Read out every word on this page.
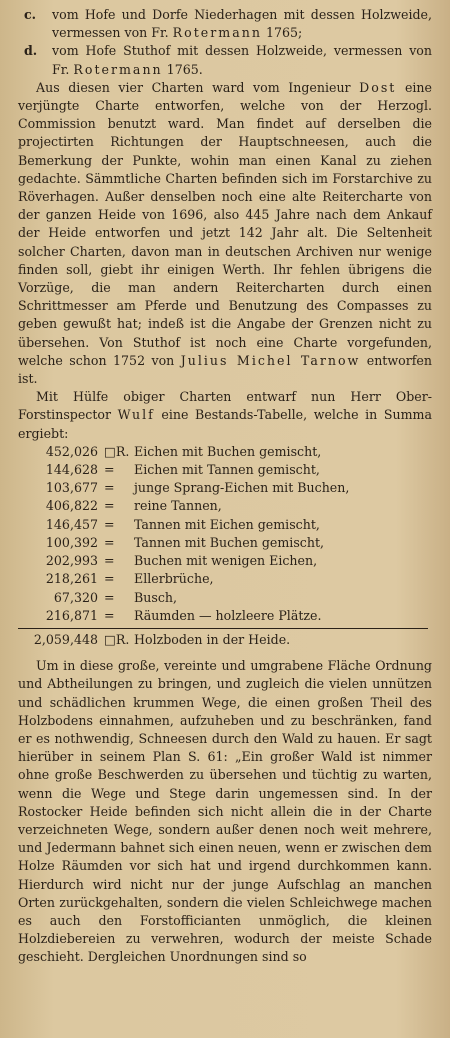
c.	vom Hofe und Dorfe Niederhagen mit dessen Holzweide, vermessen von Fr. Rotermann 1765;
d.	vom Hofe Stuthof mit dessen Holzweide, vermessen von Fr. Rotermann 1765.

Aus diesen vier Charten ward vom Ingenieur Dost eine verjüngte Charte entworfen, welche von der Herzogl. Commission benutzt ward. Man findet auf derselben die projectirten Richtungen der Hauptschneesen, auch die Bemerkung der Punkte, wohin man einen Kanal zu ziehen gedachte. Sämmtliche Charten befinden sich im Forstarchive zu Röverhagen. Außer denselben noch eine alte Reitercharte von der ganzen Heide von 1696, also 445 Jahre nach dem Ankauf der Heide entworfen und jetzt 142 Jahr alt. Die Seltenheit solcher Charten, davon man in deutschen Archiven nur wenige finden soll, giebt ihr einigen Werth. Ihr fehlen übrigens die Vorzüge, die man andern Reitercharten durch einen Schrittmesser am Pferde und Benutzung des Compasses zu geben gewußt hat; indeß ist die Angabe der Grenzen nicht zu übersehen. Von Stuthof ist noch eine Charte vorgefunden, welche schon 1752 von Julius Michel Tarnow entworfen ist.

Mit Hülfe obiger Charten entwarf nun Herr Ober-Forstinspector Wulf eine Bestands-Tabelle, welche in Summa ergiebt:

452,026 □R. Eichen mit Buchen gemischt,
144,628 =	Eichen mit Tannen gemischt,
103,677 =	junge Sprang-Eichen mit Buchen,
406,822 =	reine Tannen,
146,457 =	Tannen mit Eichen gemischt,
100,392 =	Tannen mit Buchen gemischt,
202,993 =	Buchen mit wenigen Eichen,
218,261 =	Ellerbrüche,
67,320 =	Busch,
216,871 =	Räumden — holzleere Plätze.
2,059,448 □R. Holzboden in der Heide.

Um in diese große, vereinte und umgrabene Fläche Ordnung und Abtheilungen zu bringen, und zugleich die vielen unnützen und schädlichen krummen Wege, die einen großen Theil des Holzbodens einnahmen, aufzuheben und zu beschränken, fand er es nothwendig, Schneesen durch den Wald zu hauen. Er sagt hierüber in seinem Plan S. 61: „Ein großer Wald ist nimmer ohne große Beschwerden zu übersehen und tüchtig zu warten, wenn die Wege und Stege darin ungemessen sind. In der Rostocker Heide befinden sich nicht allein die in der Charte verzeichneten Wege, sondern außer denen noch weit mehrere, und Jedermann bahnet sich einen neuen, wenn er zwischen dem Holze Räumden vor sich hat und irgend durchkommen kann. Hierdurch wird nicht nur der junge Aufschlag an manchen Orten zurückgehalten, sondern die vielen Schleichwege machen es auch den Forstofficianten unmöglich, die kleinen Holzdiebereien zu verwehren, wodurch der meiste Schade geschieht. Dergleichen Unordnungen sind so
